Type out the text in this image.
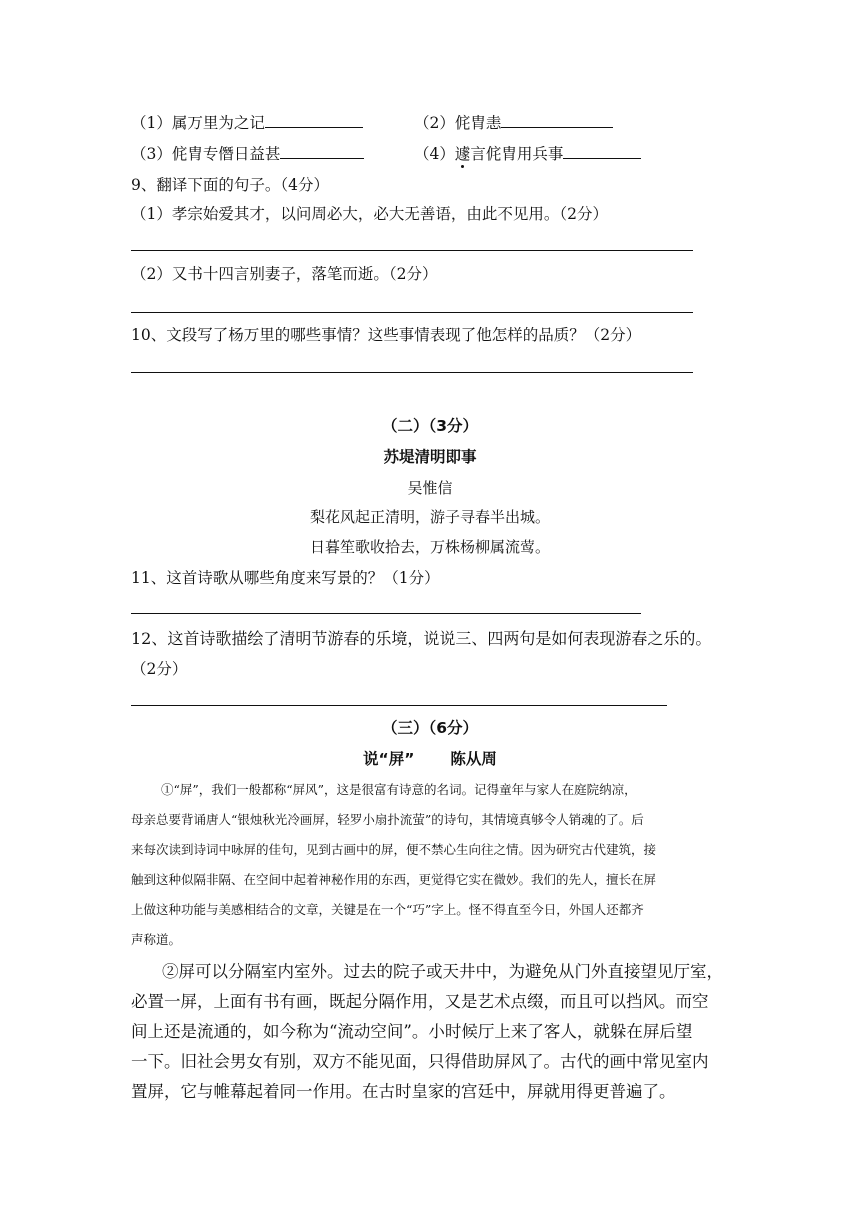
（1）属万里为之记	（2）侂胄恚
（3）侂胄专僭日益甚	（4）遽言侂胄用兵事
9、翻译下面的句子。（4分）
（1）孝宗始爱其才，以问周必大，必大无善语，由此不见用。（2分）
（2）又书十四言别妻子，落笔而逝。（2分）
10、文段写了杨万里的哪些事情？这些事情表现了他怎样的品质？（2分）
（二）（3分）
苏堤清明即事
吴惟信
梨花风起正清明，游子寻春半出城。
日暮笙歌收拾去，万株杨柳属流莺。
11、这首诗歌从哪些角度来写景的？（1分）
12、这首诗歌描绘了清明节游春的乐境，说说三、四两句是如何表现游春之乐的。
（2分）
（三）（6分）
说“屏” 陈从周
①“屏”，我们一般都称“屏风”，这是很富有诗意的名词。记得童年与家人在庭院纳凉，
母亲总要背诵唐人“银烛秋光冷画屏，轻罗小扇扑流萤”的诗句，其情境真够令人销魂的了。后
来每次读到诗词中咏屏的佳句，见到古画中的屏，便不禁心生向往之情。因为研究古代建筑，接
触到这种似隔非隔、在空间中起着神秘作用的东西，更觉得它实在微妙。我们的先人，擅长在屏
上做这种功能与美感相结合的文章，关键是在一个“巧”字上。怪不得直至今日，外国人还都齐
声称道。
②屏可以分隔室内室外。过去的院子或天井中，为避免从门外直接望见厅室，
必置一屏，上面有书有画，既起分隔作用，又是艺术点缀，而且可以挡风。而空
间上还是流通的，如今称为“流动空间”。小时候厅上来了客人，就躲在屏后望
一下。旧社会男女有别，双方不能见面，只得借助屏风了。古代的画中常见室内
置屏，它与帷幕起着同一作用。在古时皇家的宫廷中，屏就用得更普遍了。
